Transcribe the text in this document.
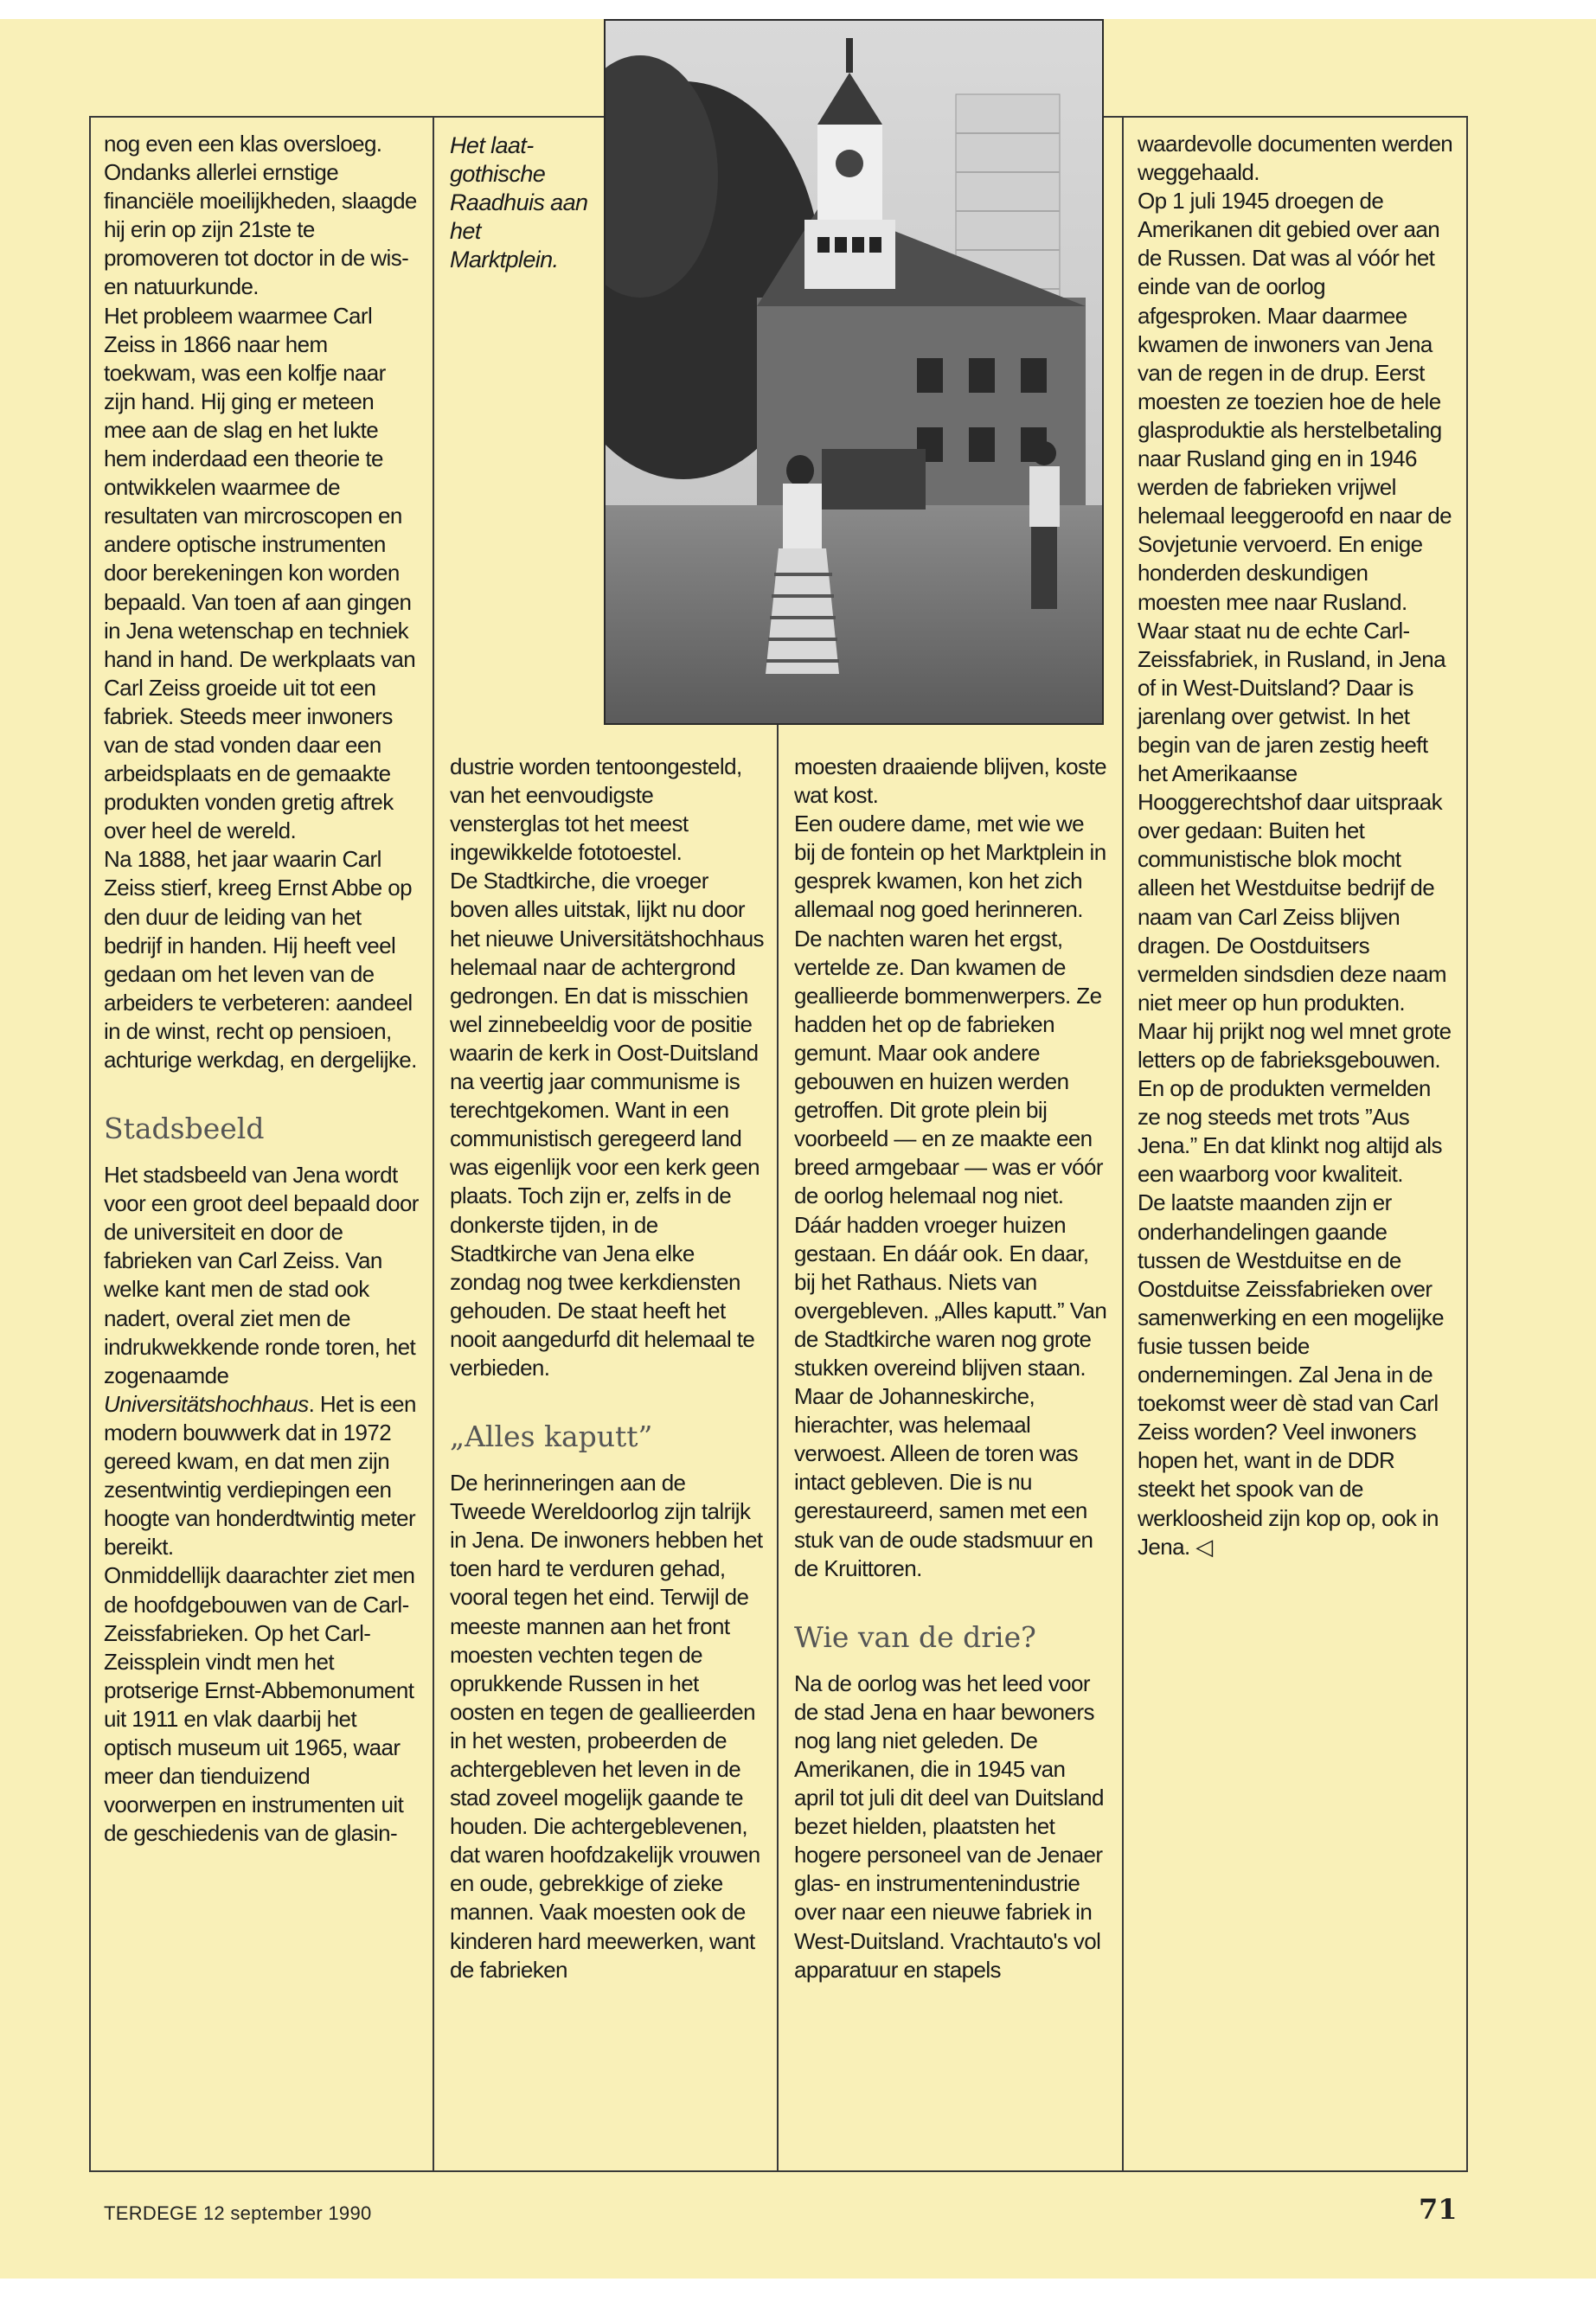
Het laat-gothische Raadhuis aan het Marktplein.

nog even een klas oversloeg. Ondanks allerlei ernstige financiële moeilijkheden, slaagde hij erin op zijn 21ste te promoveren tot doctor in de wis- en natuurkunde.

Het probleem waarmee Carl Zeiss in 1866 naar hem toekwam, was een kolfje naar zijn hand. Hij ging er meteen mee aan de slag en het lukte hem inderdaad een theorie te ontwikkelen waarmee de resultaten van mircroscopen en andere optische instrumenten door berekeningen kon worden bepaald. Van toen af aan gingen in Jena wetenschap en techniek hand in hand. De werkplaats van Carl Zeiss groeide uit tot een fabriek. Steeds meer inwoners van de stad vonden daar een arbeidsplaats en de gemaakte produkten vonden gretig aftrek over heel de wereld.

Na 1888, het jaar waarin Carl Zeiss stierf, kreeg Ernst Abbe op den duur de leiding van het bedrijf in handen. Hij heeft veel gedaan om het leven van de arbeiders te verbeteren: aandeel in de winst, recht op pensioen, achturige werkdag, en dergelijke.

Stadsbeeld

Het stadsbeeld van Jena wordt voor een groot deel bepaald door de universiteit en door de fabrieken van Carl Zeiss. Van welke kant men de stad ook nadert, overal ziet men de indrukwekkende ronde toren, het zogenaamde Universitätshochhaus. Het is een modern bouwwerk dat in 1972 gereed kwam, en dat men zijn zesentwintig verdiepingen een hoogte van honderdtwintig meter bereikt.

Onmiddellijk daarachter ziet men de hoofdgebouwen van de Carl-Zeissfabrieken. Op het Carl-Zeissplein vindt men het protserige Ernst-Abbemonument uit 1911 en vlak daarbij het optisch museum uit 1965, waar meer dan tienduizend voorwerpen en instrumenten uit de geschiedenis van de glasin-

dustrie worden tentoongesteld, van het eenvoudigste vensterglas tot het meest ingewikkelde fototoestel.

De Stadtkirche, die vroeger boven alles uitstak, lijkt nu door het nieuwe Universitätshochhaus helemaal naar de achtergrond gedrongen. En dat is misschien wel zinnebeeldig voor de positie waarin de kerk in Oost-Duitsland na veertig jaar communisme is terechtgekomen. Want in een communistisch geregeerd land was eigenlijk voor een kerk geen plaats. Toch zijn er, zelfs in de donkerste tijden, in de Stadtkirche van Jena elke zondag nog twee kerkdiensten gehouden. De staat heeft het nooit aangedurfd dit helemaal te verbieden.

„Alles kaputt”

De herinneringen aan de Tweede Wereldoorlog zijn talrijk in Jena. De inwoners hebben het toen hard te verduren gehad, vooral tegen het eind. Terwijl de meeste mannen aan het front moesten vechten tegen de oprukkende Russen in het oosten en tegen de geallieerden in het westen, probeerden de achtergebleven het leven in de stad zoveel mogelijk gaande te houden. Die achtergeblevenen, dat waren hoofdzakelijk vrouwen en oude, gebrekkige of zieke mannen. Vaak moesten ook de kinderen hard meewerken, want de fabrieken

moesten draaiende blijven, koste wat kost.

Een oudere dame, met wie we bij de fontein op het Marktplein in gesprek kwamen, kon het zich allemaal nog goed herinneren. De nachten waren het ergst, vertelde ze. Dan kwamen de geallieerde bommenwerpers. Ze hadden het op de fabrieken gemunt. Maar ook andere gebouwen en huizen werden getroffen. Dit grote plein bij voorbeeld — en ze maakte een breed armgebaar — was er vóór de oorlog helemaal nog niet. Dáár hadden vroeger huizen gestaan. En dáár ook. En daar, bij het Rathaus. Niets van overgebleven. „Alles kaputt.” Van de Stadtkirche waren nog grote stukken overeind blijven staan. Maar de Johanneskirche, hierachter, was helemaal verwoest. Alleen de toren was intact gebleven. Die is nu gerestaureerd, samen met een stuk van de oude stadsmuur en de Kruittoren.

Wie van de drie?

Na de oorlog was het leed voor de stad Jena en haar bewoners nog lang niet geleden. De Amerikanen, die in 1945 van april tot juli dit deel van Duitsland bezet hielden, plaatsten het hogere personeel van de Jenaer glas- en instrumentenindustrie over naar een nieuwe fabriek in West-Duitsland. Vrachtauto's vol apparatuur en stapels

waardevolle documenten werden weggehaald.

Op 1 juli 1945 droegen de Amerikanen dit gebied over aan de Russen. Dat was al vóór het einde van de oorlog afgesproken. Maar daarmee kwamen de inwoners van Jena van de regen in de drup. Eerst moesten ze toezien hoe de hele glasproduktie als herstelbetaling naar Rusland ging en in 1946 werden de fabrieken vrijwel helemaal leeggeroofd en naar de Sovjetunie vervoerd. En enige honderden deskundigen moesten mee naar Rusland.

Waar staat nu de echte Carl-Zeissfabriek, in Rusland, in Jena of in West-Duitsland? Daar is jarenlang over getwist. In het begin van de jaren zestig heeft het Amerikaanse Hooggerechtshof daar uitspraak over gedaan: Buiten het communistische blok mocht alleen het Westduitse bedrijf de naam van Carl Zeiss blijven dragen. De Oostduitsers vermelden sindsdien deze naam niet meer op hun produkten. Maar hij prijkt nog wel mnet grote letters op de fabrieksgebouwen. En op de produkten vermelden ze nog steeds met trots ”Aus Jena.” En dat klinkt nog altijd als een waarborg voor kwaliteit.

De laatste maanden zijn er onderhandelingen gaande tussen de Westduitse en de Oostduitse Zeissfabrieken over samenwerking en een mogelijke fusie tussen beide ondernemingen. Zal Jena in de toekomst weer dè stad van Carl Zeiss worden? Veel inwoners hopen het, want in de DDR steekt het spook van de werkloosheid zijn kop op, ook in Jena. ◁

TERDEGE 12 september 1990	71
